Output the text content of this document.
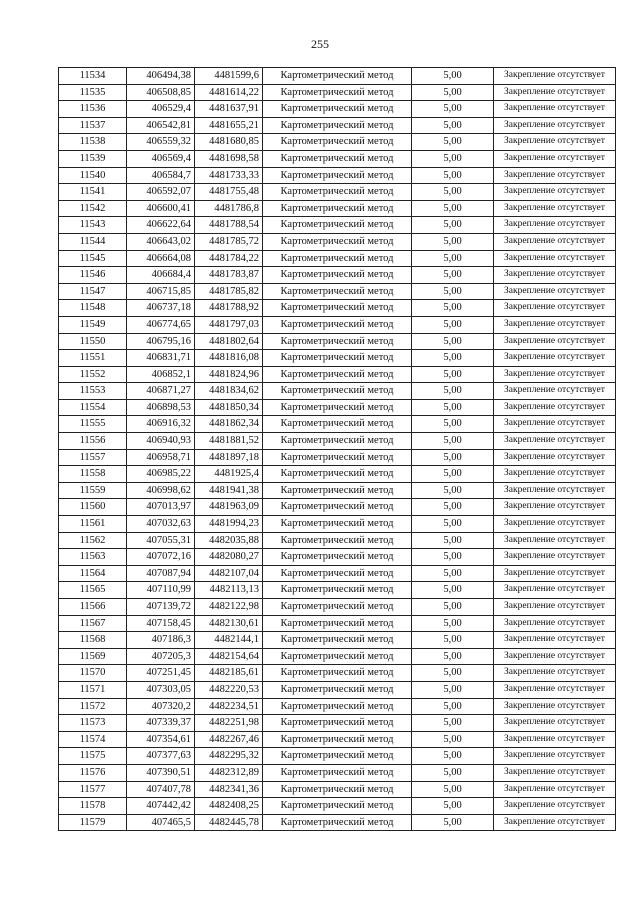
255
11534	406494,38	4481599,6	Картометрический метод	5,00	Закрепление отсутствует
11535	406508,85	4481614,22	Картометрический метод	5,00	Закрепление отсутствует
11536	406529,4	4481637,91	Картометрический метод	5,00	Закрепление отсутствует
11537	406542,81	4481655,21	Картометрический метод	5,00	Закрепление отсутствует
11538	406559,32	4481680,85	Картометрический метод	5,00	Закрепление отсутствует
11539	406569,4	4481698,58	Картометрический метод	5,00	Закрепление отсутствует
11540	406584,7	4481733,33	Картометрический метод	5,00	Закрепление отсутствует
11541	406592,07	4481755,48	Картометрический метод	5,00	Закрепление отсутствует
11542	406600,41	4481786,8	Картометрический метод	5,00	Закрепление отсутствует
11543	406622,64	4481788,54	Картометрический метод	5,00	Закрепление отсутствует
11544	406643,02	4481785,72	Картометрический метод	5,00	Закрепление отсутствует
11545	406664,08	4481784,22	Картометрический метод	5,00	Закрепление отсутствует
11546	406684,4	4481783,87	Картометрический метод	5,00	Закрепление отсутствует
11547	406715,85	4481785,82	Картометрический метод	5,00	Закрепление отсутствует
11548	406737,18	4481788,92	Картометрический метод	5,00	Закрепление отсутствует
11549	406774,65	4481797,03	Картометрический метод	5,00	Закрепление отсутствует
11550	406795,16	4481802,64	Картометрический метод	5,00	Закрепление отсутствует
11551	406831,71	4481816,08	Картометрический метод	5,00	Закрепление отсутствует
11552	406852,1	4481824,96	Картометрический метод	5,00	Закрепление отсутствует
11553	406871,27	4481834,62	Картометрический метод	5,00	Закрепление отсутствует
11554	406898,53	4481850,34	Картометрический метод	5,00	Закрепление отсутствует
11555	406916,32	4481862,34	Картометрический метод	5,00	Закрепление отсутствует
11556	406940,93	4481881,52	Картометрический метод	5,00	Закрепление отсутствует
11557	406958,71	4481897,18	Картометрический метод	5,00	Закрепление отсутствует
11558	406985,22	4481925,4	Картометрический метод	5,00	Закрепление отсутствует
11559	406998,62	4481941,38	Картометрический метод	5,00	Закрепление отсутствует
11560	407013,97	4481963,09	Картометрический метод	5,00	Закрепление отсутствует
11561	407032,63	4481994,23	Картометрический метод	5,00	Закрепление отсутствует
11562	407055,31	4482035,88	Картометрический метод	5,00	Закрепление отсутствует
11563	407072,16	4482080,27	Картометрический метод	5,00	Закрепление отсутствует
11564	407087,94	4482107,04	Картометрический метод	5,00	Закрепление отсутствует
11565	407110,99	4482113,13	Картометрический метод	5,00	Закрепление отсутствует
11566	407139,72	4482122,98	Картометрический метод	5,00	Закрепление отсутствует
11567	407158,45	4482130,61	Картометрический метод	5,00	Закрепление отсутствует
11568	407186,3	4482144,1	Картометрический метод	5,00	Закрепление отсутствует
11569	407205,3	4482154,64	Картометрический метод	5,00	Закрепление отсутствует
11570	407251,45	4482185,61	Картометрический метод	5,00	Закрепление отсутствует
11571	407303,05	4482220,53	Картометрический метод	5,00	Закрепление отсутствует
11572	407320,2	4482234,51	Картометрический метод	5,00	Закрепление отсутствует
11573	407339,37	4482251,98	Картометрический метод	5,00	Закрепление отсутствует
11574	407354,61	4482267,46	Картометрический метод	5,00	Закрепление отсутствует
11575	407377,63	4482295,32	Картометрический метод	5,00	Закрепление отсутствует
11576	407390,51	4482312,89	Картометрический метод	5,00	Закрепление отсутствует
11577	407407,78	4482341,36	Картометрический метод	5,00	Закрепление отсутствует
11578	407442,42	4482408,25	Картометрический метод	5,00	Закрепление отсутствует
11579	407465,5	4482445,78	Картометрический метод	5,00	Закрепление отсутствует
